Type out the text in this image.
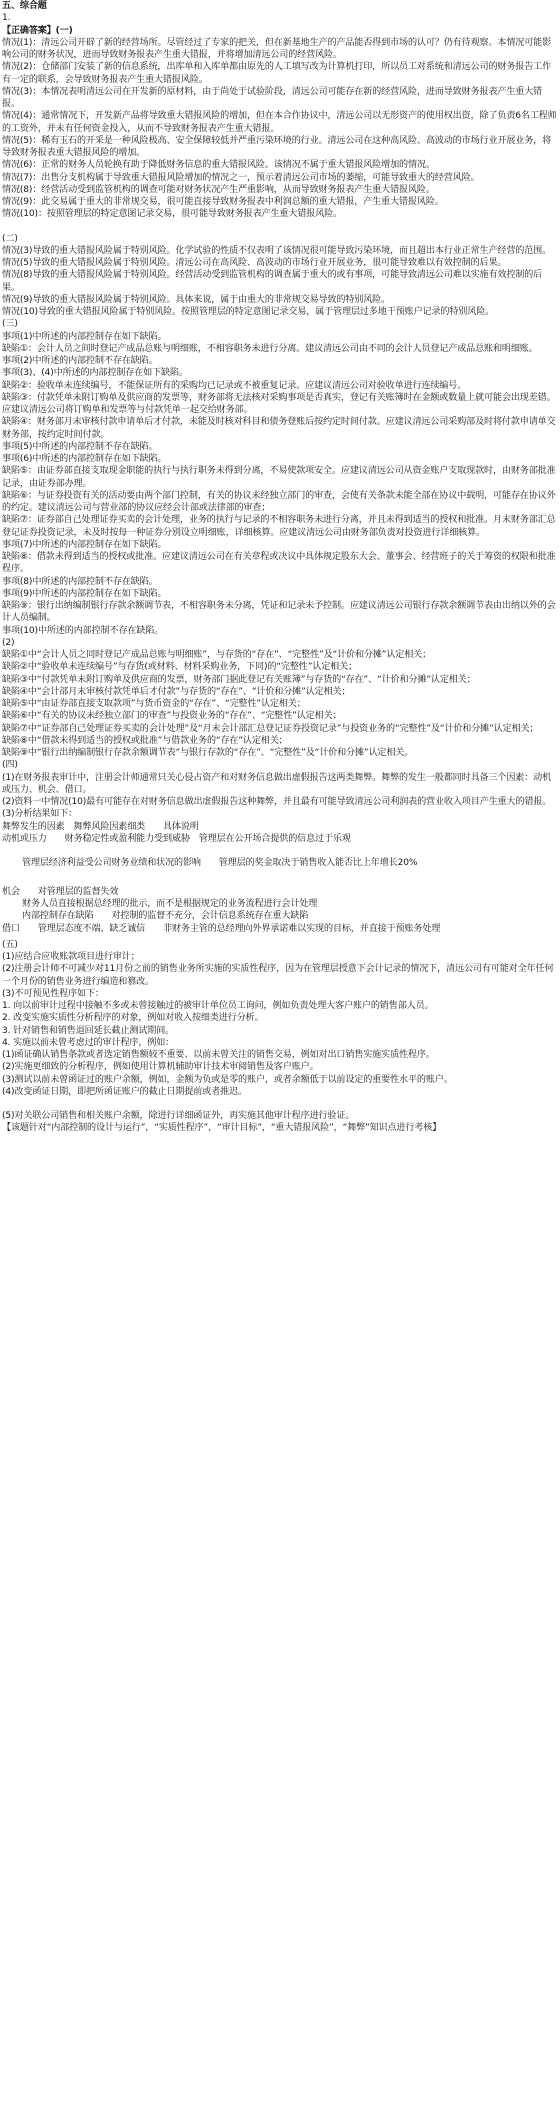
五、综合题

1.

【正确答案】(一)

情况(1)：清远公司开辟了新的经营场所。尽管经过了专家的把关，但在新基地生产的产品能否得到市场的认可？仍有待观察。本情况可能影响公司的财务状况，进而导致财务报表产生重大错报，并将增加清远公司的经营风险。

情况(2)：仓储部门安装了新的信息系统，出库单和入库单都由原先的人工填写改为计算机打印，所以员工对系统和清远公司的财务报告工作有一定的联系，会导致财务报表产生重大错报风险。

情况(3)：本情况表明清远公司在开发新的原材料，由于尚处于试验阶段，清远公司可能存在新的经营风险，进而导致财务报表产生重大错报。

情况(4)：通常情况下，开发新产品将导致重大错报风险的增加，但在本合作协议中，清远公司以无形资产的使用权出资，除了负责6名工程师的工资外，并未有任何资金投入，从而不导致财务报表产生重大错报。

情况(5)：稀有玉石的开采是一种风险极高、安全保障较低并严重污染环境的行业。清远公司在这种高风险、高波动的市场行业开展业务，将导致财务报表重大错报风险的增加。

情况(6)：正常的财务人员轮换有助于降低财务信息的重大错报风险。该情况不属于重大错报风险增加的情况。

情况(7)：出售分支机构属于导致重大错报风险增加的情况之一，预示着清远公司市场的萎缩，可能导致重大的经营风险。

情况(8)：经营活动受到监管机构的调查可能对财务状况产生严重影响，从而导致财务报表产生重大错报风险。

情况(9)：此交易属于重大的非常规交易，很可能直接导致财务报表中利润总额的重大错报，产生重大错报风险。

情况(10)：按照管理层的特定意图记录交易，很可能导致财务报表产生重大错报风险。

(二)

情况(3)导致的重大错报风险属于特别风险。化学试验的性质不仅表明了该情况很可能导致污染环境，而且超出本行业正常生产经营的范围。

情况(5)导致的重大错报风险属于特别风险。清远公司在高风险、高波动的市场行业开展业务，很可能导致难以有效控制的后果。

情况(8)导致的重大错报风险属于特别风险。经营活动受到监管机构的调查属于重大的或有事项，可能导致清远公司难以实施有效控制的后果。

情况(9)导致的重大错报风险属于特别风险。具体来说，属于由重大的非常规交易导致的特别风险。

情况(10)导致的重大错报风险属于特别风险。按照管理层的特定意图记录交易，属于管理层过多地干预账户记录的特别风险。

(三)

事项(1)中所述的内部控制存在如下缺陷。

缺陷①：会计人员之间时登记产成品总账与明细账，不相容职务未进行分离。建议清远公司由不同的会计人员登记产成品总账和明细账。

事项(2)中所述的内部控制不存在缺陷。

事项(3)、(4)中所述的内部控制存在如下缺陷。

缺陷②：验收单未连续编号，不能保证所有的采购均已记录或不被重复记录。应建议清远公司对验收单进行连续编号。

缺陷③：付款凭单未附订购单及供应商的发票等，财务部将无法核对采购事项是否真实，登记有关账簿时在金额或数量上就可能会出现差错。应建议清远公司将订购单和发票等与付款凭单一起交给财务部。

缺陷④：财务部月末审核付款申请单后才付款，未能及时核对科目和债务登账后按约定时间付款。应建议清远公司采购部及时将付款申请单交财务部，按约定时间付款。

事项(5)中所述的内部控制不存在缺陷。

事项(6)中所述的内部控制存在如下缺陷。

缺陷⑤：由证券部直接支取现金职能的执行与执行职务未得到分离，不易使款项安全。应建议清远公司从资金账户支取现款时，由财务部批准记录，由证券部办理。

缺陷⑥：与证券投资有关的活动要由两个部门控制，有关的协议未经独立部门的审查，会使有关条款未能全部在协议中载明，可能存在协议外的约定。建议清远公司与营业部的协议应经会计部或法律部的审查；

缺陷⑦：证券部自己处理证券买卖的会计处理，业务的执行与记录的不相容职务未进行分离，并且未得到适当的授权和批准。月末财务部汇总登记证券投资记录，未及时按每一种证券分别设立明细账，详细核算。应建议清远公司由财务部负责对投资进行详细核算。

事项(7)中所述的内部控制存在如下缺陷。

缺陷⑧：借款未得到适当的授权或批准。应建议清远公司在有关章程或决议中具体规定股东大会、董事会、经营班子的关于筹资的权限和批准程序。

事项(8)中所述的内部控制不存在缺陷。

事项(9)中所述的内部控制存在如下缺陷。

缺陷⑨：银行出纳编制银行存款余额调节表，不相容职务未分离，凭证和记录未予控制。应建议清远公司银行存款余额调节表由出纳以外的会计人员编制。

事项(10)中所述的内部控制不存在缺陷。

(2)

缺陷①中“会计人员之同时登记产成品总账与明细账”，与存货的“存在”、“完整性”及“计价和分摊”认定相关；

缺陷②中“验收单未连续编号”与存货(或材料、材料采购业务，下同)的“完整性”认定相关；

缺陷③中“付款凭单未附订购单及供应商的发票，财务部门据此登记有关账簿”与存货的“存在”、“计价和分摊”认定相关；

缺陷④中“会计部月末审核付款凭单后才付款”与存货的“存在”、“计价和分摊”认定相关；

缺陷⑤中“由证券部直接支取款项”与货币资金的“存在”、“完整性”认定相关；

缺陷⑥中“有关的协议未经独立部门的审查”与投资业务的“存在”、“完整性”认定相关；

缺陷⑦中“证券部自己处理证券买卖的会计处理”及“月末会计部汇总登记证券投资记录”与投资业务的“完整性”及“计价和分摊”认定相关；

缺陷⑧中“借款未得到适当的授权或批准”与借款业务的“存在”认定相关；

缺陷⑨中“银行出纳编制银行存款余额调节表”与银行存款的“存在”、“完整性”及“计价和分摊”认定相关。

(四)

(1)在财务报表审计中，注册会计师通常只关心侵占资产和对财务信息做出虚假报告这两类舞弊。舞弊的发生一般都同时具备三个因素：动机或压力、机会、借口。

(2)资料一中情况(10)最有可能存在对财务信息做出虚假报告这种舞弊，并且最有可能导致清远公司利润表的营业收入项目产生重大的错报。

(3)分析结果如下：

舞弊发生的因素　舞弊风险因素细类　　具体说明

动机或压力　　财务稳定性或盈利能力受到威胁　管理层在公开场合提供的信息过于乐观

管理层经济利益受公司财务业绩和状况的影响　　管理层的奖金取决于销售收入能否比上年增长20%

机会　　对管理层的监督失效

财务人员直接根据总经理的批示，而不是根据规定的业务流程进行会计处理

内部控制存在缺陷　　对控制的监督不充分，会计信息系统存在重大缺陷

借口　　管理层态度不端、缺乏诚信　　非财务主管的总经理向外界承诺难以实现的目标，并直接干预账务处理

(五)

(1)应结合应收账款项目进行审计；

(2)注册会计师不可减少对11月份之前的销售业务所实施的实质性程序，因为在管理层授意下会计记录的情况下，清远公司有可能对全年任何一个月份的销售业务进行编造和篡改。

(3)不可预见性程序如下：

1. 向以前审计过程中接触不多或未曾接触过的被审计单位员工询问，例如负责处理大客户账户的销售部人员。

2. 改变实施实质性分析程序的对象，例如对收入按细类进行分析。

3. 针对销售和销售退回延长截止测试期间。

4. 实施以前未曾考虑过的审计程序，例如：

(1)函证确认销售条款或者选定销售额较不重要、以前未曾关注的销售交易，例如对出口销售实施实质性程序。

(2)实施更细致的分析程序，例如使用计算机辅助审计技术审阅销售及客户账户。

(3)测试以前未曾函证过的账户余额，例如，金额为负或是零的账户，或者余额低于以前设定的重要性水平的账户。

(4)改变函证日期，即把所函证账户的截止日期提前或者推迟。

(5)对关联公司销售和相关账户余额，除进行详细函证外，再实施其他审计程序进行验证。

【该题针对“内部控制的设计与运行”，“实质性程序”，“审计目标”，“重大错报风险”，“舞弊”知识点进行考核】
